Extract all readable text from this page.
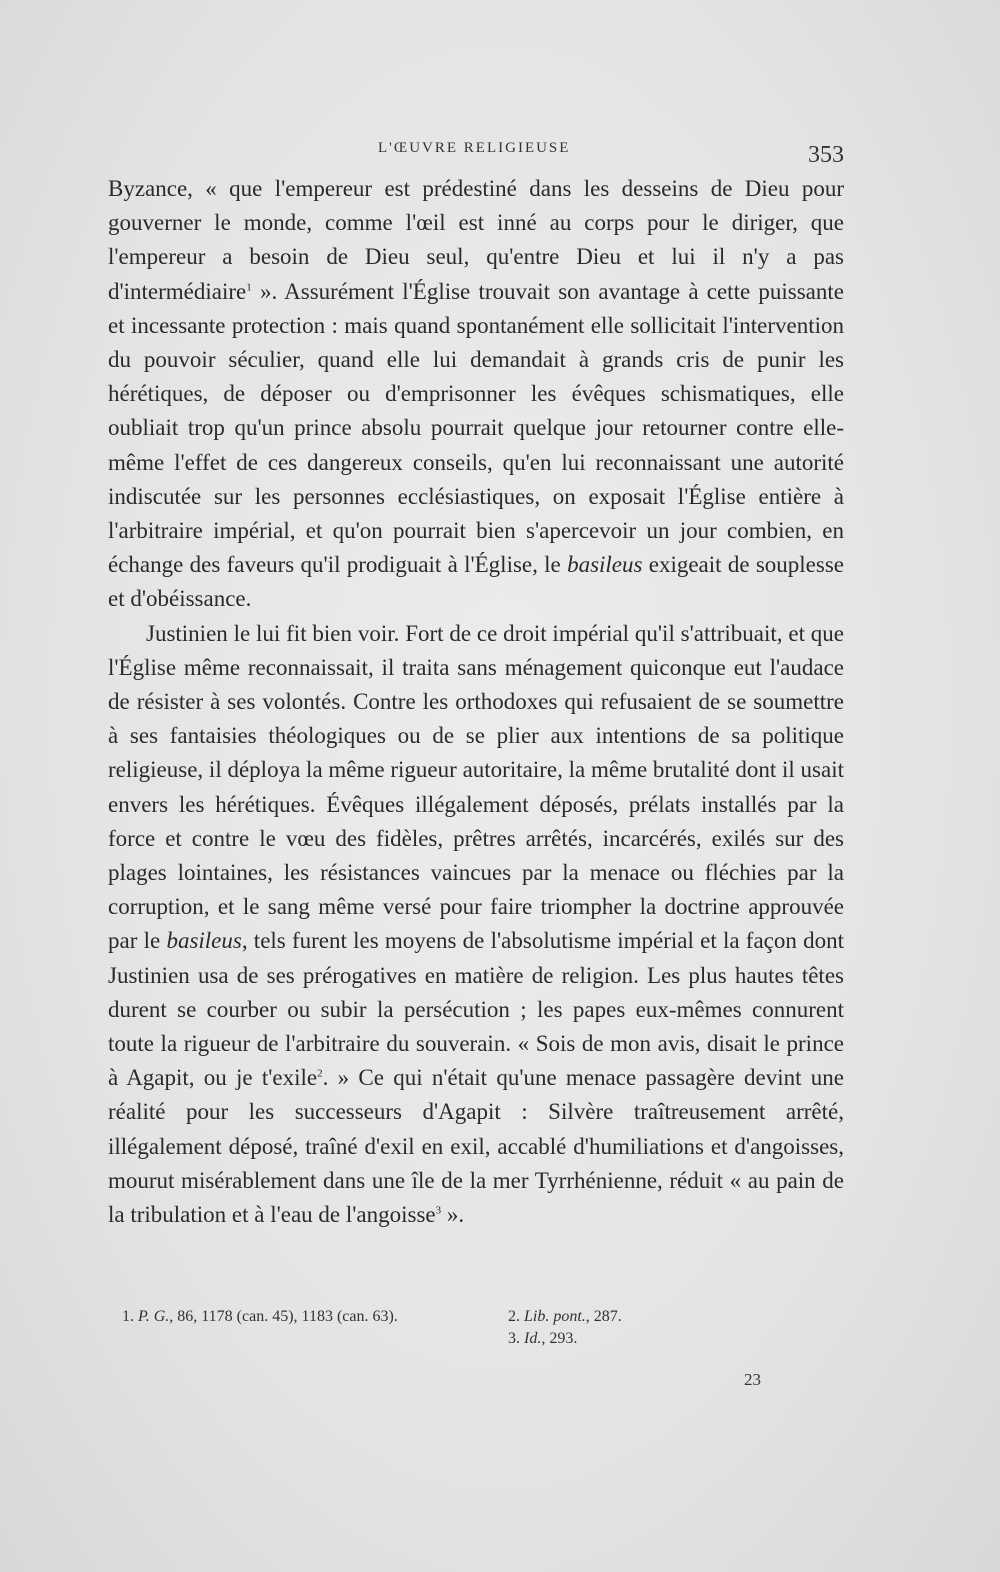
L'ŒUVRE RELIGIEUSE	353

Byzance, « que l'empereur est prédestiné dans les desseins de Dieu pour gouverner le monde, comme l'œil est inné au corps pour le diriger, que l'empereur a besoin de Dieu seul, qu'entre Dieu et lui il n'y a pas d'intermédiaire$^1$ ». Assurément l'Église trouvait son avantage à cette puissante et incessante protection : mais quand spontanément elle sollicitait l'intervention du pouvoir séculier, quand elle lui demandait à grands cris de punir les hérétiques, de déposer ou d'emprisonner les évêques schismatiques, elle oubliait trop qu'un prince absolu pourrait quelque jour retourner contre elle-même l'effet de ces dangereux conseils, qu'en lui reconnaissant une autorité indiscutée sur les personnes ecclésiastiques, on exposait l'Église entière à l'arbitraire impérial, et qu'on pourrait bien s'apercevoir un jour combien, en échange des faveurs qu'il prodiguait à l'Église, le basileus exigeait de souplesse et d'obéissance.

Justinien le lui fit bien voir. Fort de ce droit impérial qu'il s'attribuait, et que l'Église même reconnaissait, il traita sans ménagement quiconque eut l'audace de résister à ses volontés. Contre les orthodoxes qui refusaient de se soumettre à ses fantaisies théologiques ou de se plier aux intentions de sa politique religieuse, il déploya la même rigueur autoritaire, la même brutalité dont il usait envers les hérétiques. Évêques illégalement déposés, prélats installés par la force et contre le vœu des fidèles, prêtres arrêtés, incarcérés, exilés sur des plages lointaines, les résistances vaincues par la menace ou fléchies par la corruption, et le sang même versé pour faire triompher la doctrine approuvée par le basileus, tels furent les moyens de l'absolutisme impérial et la façon dont Justinien usa de ses prérogatives en matière de religion. Les plus hautes têtes durent se courber ou subir la persécution ; les papes eux-mêmes connurent toute la rigueur de l'arbitraire du souverain. « Sois de mon avis, disait le prince à Agapit, ou je t'exile$^2$. » Ce qui n'était qu'une menace passagère devint une réalité pour les successeurs d'Agapit : Silvère traîtreusement arrêté, illégalement déposé, traîné d'exil en exil, accablé d'humiliations et d'angoisses, mourut misérablement dans une île de la mer Tyrrhénienne, réduit « au pain de la tribulation et à l'eau de l'angoisse$^3$ ».

1. P. G., 86, 1178 (can. 45), 1183 (can. 63).	2. Lib. pont., 287.
3. Id., 293.
23
